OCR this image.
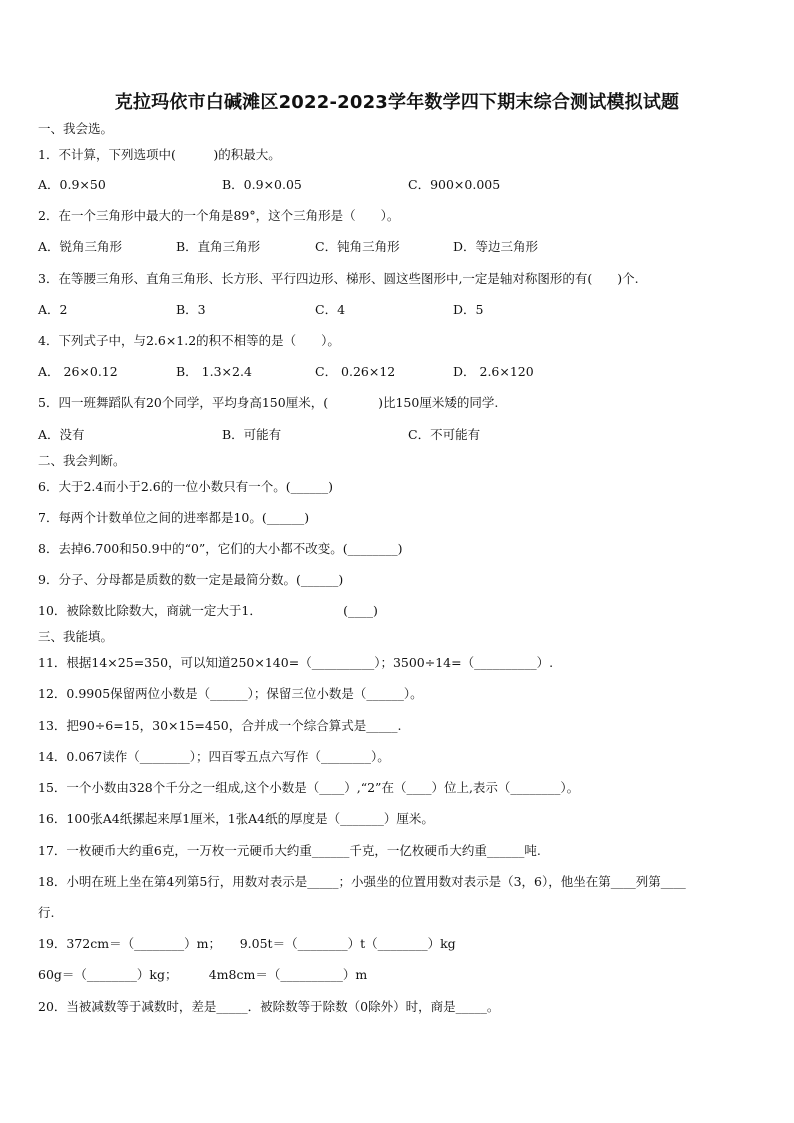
克拉玛依市白碱滩区2022-2023学年数学四下期末综合测试模拟试题
一、我会选。
1．不计算，下列选项中(　　　)的积最大。
A．0.9×50	B．0.9×0.05	C．900×0.005
2．在一个三角形中最大的一个角是89°，这个三角形是（　　）。
A．锐角三角形	B．直角三角形	C．钝角三角形	D．等边三角形
3．在等腰三角形、直角三角形、长方形、平行四边形、梯形、圆这些图形中,一定是轴对称图形的有(　　)个.
A．2	B．3	C．4	D．5
4．下列式子中，与2.6×1.2的积不相等的是（　　）。
A． 26×0.12	B． 1.3×2.4	C． 0.26×12	D． 2.6×120
5．四一班舞蹈队有20个同学，平均身高150厘米，(　　　　)比150厘米矮的同学.
A．没有	B．可能有	C．不可能有
二、我会判断。
6．大于2.4而小于2.6的一位小数只有一个。(______)
7．每两个计数单位之间的进率都是10。(______)
8．去掉6.700和50.9中的“0”，它们的大小都不改变。(________)
9．分子、分母都是质数的数一定是最简分数。(______)
10．被除数比除数大，商就一定大于1．　　　　　　　(____)
三、我能填。
11．根据14×25=350，可以知道250×140=（__________）；3500÷14=（__________）.
12．0.9905保留两位小数是（______）；保留三位小数是（______）。
13．把90÷6=15，30×15=450，合并成一个综合算式是_____.
14．0.067读作（________）；四百零五点六写作（________）。
15．一个小数由328个千分之一组成,这个小数是（____）,“2”在（____）位上,表示（________）。
16．100张A4纸摞起来厚1厘米，1张A4纸的厚度是（_______）厘米。
17．一枚硬币大约重6克，一万枚一元硬币大约重______千克，一亿枚硬币大约重______吨.
18．小明在班上坐在第4列第5行，用数对表示是_____；小强坐的位置用数对表示是（3，6），他坐在第____列第____
行.
19．372cm＝（________）m；　　9.05t＝（________）t（________）kg
60g＝（________）kg；　　　4m8cm＝（__________）m
20．当被减数等于减数时，差是_____．被除数等于除数（0除外）时，商是_____。
